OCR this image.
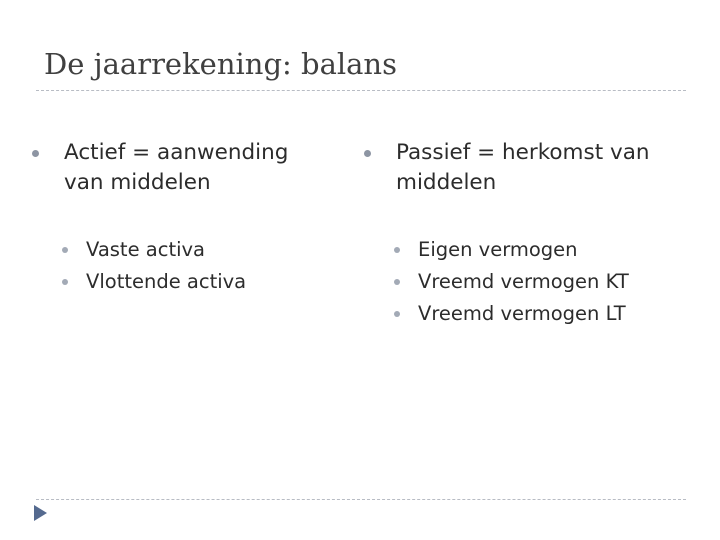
De jaarrekening: balans
Actief = aanwending van middelen
Vaste activa
Vlottende activa
Passief = herkomst van middelen
Eigen vermogen
Vreemd vermogen KT
Vreemd vermogen LT
